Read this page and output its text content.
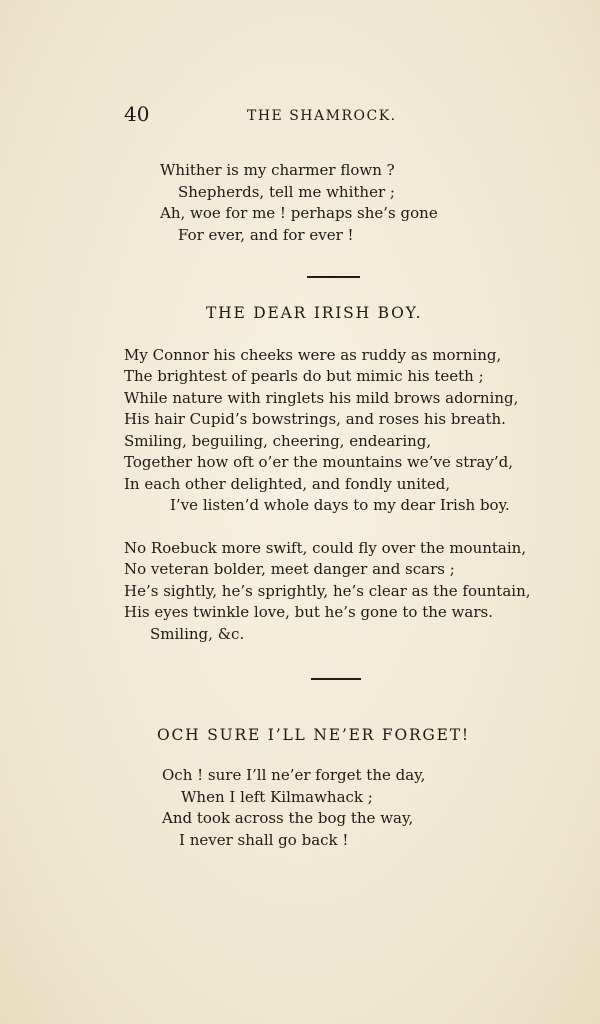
40	THE SHAMROCK.
Whither is my charmer flown ?
Shepherds, tell me whither ;
Ah, woe for me ! perhaps she’s gone
For ever, and for ever !
THE DEAR IRISH BOY.
My Connor his cheeks were as ruddy as morning,
The brightest of pearls do but mimic his teeth ;
While nature with ringlets his mild brows adorning,
His hair Cupid’s bowstrings, and roses his breath.
Smiling, beguiling, cheering, endearing,
Together how oft o’er the mountains we’ve stray’d,
In each other delighted, and fondly united,
I’ve listen’d whole days to my dear Irish boy.
No Roebuck more swift, could fly over the mountain,
No veteran bolder, meet danger and scars ;
He’s sightly, he’s sprightly, he’s clear as the fountain,
His eyes twinkle love, but he’s gone to the wars.
Smiling, &c.
OCH SURE I’LL NE’ER FORGET!
Och ! sure I’ll ne’er forget the day,
When I left Kilmawhack ;
And took across the bog the way,
I never shall go back !
